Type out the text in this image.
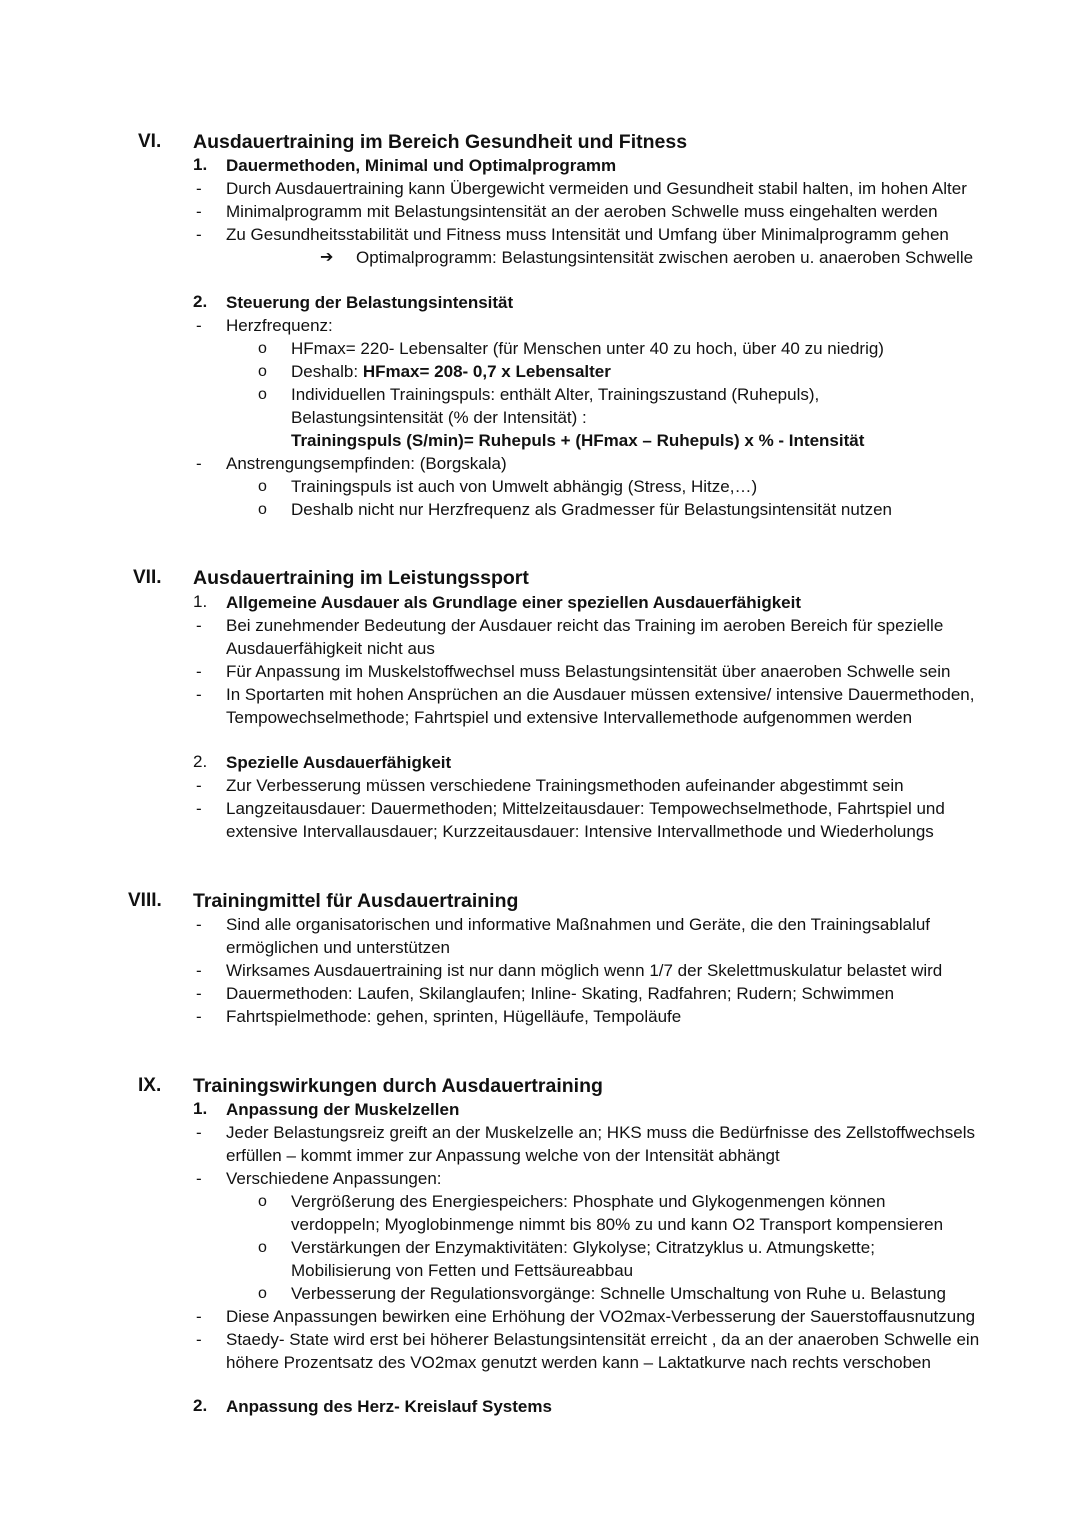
VI. Ausdauertraining im Bereich Gesundheit und Fitness
1. Dauermethoden, Minimal und Optimalprogramm
- Durch Ausdauertraining kann Übergewicht vermeiden und Gesundheit stabil halten, im hohen Alter
- Minimalprogramm mit Belastungsintensität an der aeroben Schwelle muss eingehalten werden
- Zu Gesundheitsstabilität und Fitness muss Intensität und Umfang über Minimalprogramm gehen
➔ Optimalprogramm: Belastungsintensität zwischen aeroben u. anaeroben Schwelle
2. Steuerung der Belastungsintensität
- Herzfrequenz:
o HFmax= 220- Lebensalter (für Menschen unter 40 zu hoch, über 40 zu niedrig)
o Deshalb: HFmax= 208- 0,7 x Lebensalter
o Individuellen Trainingspuls: enthält Alter, Trainingszustand (Ruhepuls),
Belastungsintensität (% der Intensität) :
Trainingspuls (S/min)= Ruhepuls + (HFmax – Ruhepuls) x % - Intensität
- Anstrengungsempfinden: (Borgskala)
o Trainingspuls ist auch von Umwelt abhängig (Stress, Hitze,…)
o Deshalb nicht nur Herzfrequenz als Gradmesser für Belastungsintensität nutzen
VII. Ausdauertraining im Leistungssport
1. Allgemeine Ausdauer als Grundlage einer speziellen Ausdauerfähigkeit
- Bei zunehmender Bedeutung der Ausdauer reicht das Training im aeroben Bereich für spezielle
Ausdauerfähigkeit nicht aus
- Für Anpassung im Muskelstoffwechsel muss Belastungsintensität über anaeroben Schwelle sein
- In Sportarten mit hohen Ansprüchen an die Ausdauer müssen extensive/ intensive Dauermethoden,
Tempowechselmethode; Fahrtspiel und extensive Intervallemethode aufgenommen werden
2. Spezielle Ausdauerfähigkeit
- Zur Verbesserung müssen verschiedene Trainingsmethoden aufeinander abgestimmt sein
- Langzeitausdauer: Dauermethoden; Mittelzeitausdauer: Tempowechselmethode, Fahrtspiel und
extensive Intervallausdauer; Kurzzeitausdauer: Intensive Intervallmethode und Wiederholungs
VIII. Trainingmittel für Ausdauertraining
- Sind alle organisatorischen und informative Maßnahmen und Geräte, die den Trainingsablaluf
ermöglichen und unterstützen
- Wirksames Ausdauertraining ist nur dann möglich wenn 1/7 der Skelettmuskulatur belastet wird
- Dauermethoden: Laufen, Skilanglaufen; Inline- Skating, Radfahren; Rudern; Schwimmen
- Fahrtspielmethode: gehen, sprinten, Hügelläufe, Tempoläufe
IX. Trainingswirkungen durch Ausdauertraining
1. Anpassung der Muskelzellen
- Jeder Belastungsreiz greift an der Muskelzelle an; HKS muss die Bedürfnisse des Zellstoffwechsels
erfüllen – kommt immer zur Anpassung welche von der Intensität abhängt
- Verschiedene Anpassungen:
o Vergrößerung des Energiespeichers: Phosphate und Glykogenmengen können
verdoppeln; Myoglobinmenge nimmt bis 80% zu und kann O2 Transport kompensieren
o Verstärkungen der Enzymaktivitäten: Glykolyse; Citratzyklus u. Atmungskette;
Mobilisierung von Fetten und Fettsäureabbau
o Verbesserung der Regulationsvorgänge: Schnelle Umschaltung von Ruhe u. Belastung
- Diese Anpassungen bewirken eine Erhöhung der VO2max-Verbesserung der Sauerstoffausnutzung
- Staedy- State wird erst bei höherer Belastungsintensität erreicht , da an der anaeroben Schwelle ein
höhere Prozentsatz des VO2max genutzt werden kann – Laktatkurve nach rechts verschoben
2. Anpassung des Herz- Kreislauf Systems
